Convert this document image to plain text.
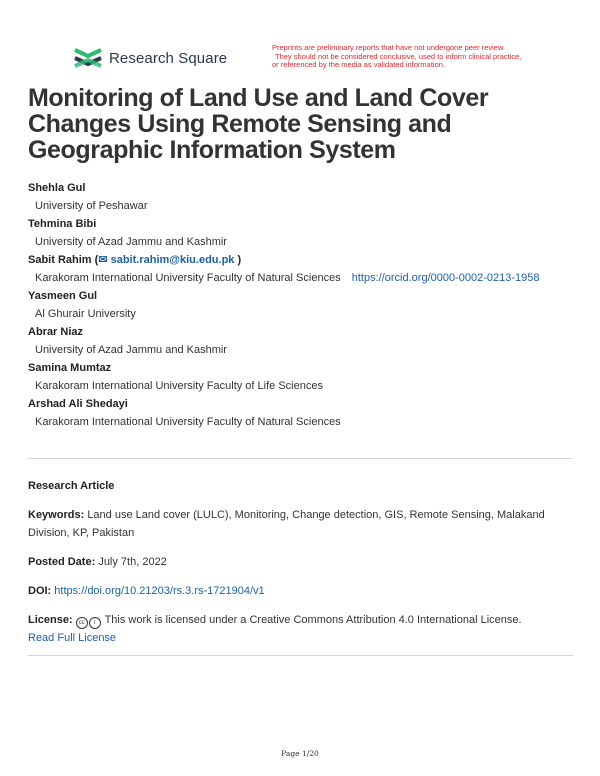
Research Square
Preprints are preliminary reports that have not undergone peer review.
They should not be considered conclusive, used to inform clinical practice,
or referenced by the media as validated information.
Monitoring of Land Use and Land Cover Changes Using Remote Sensing and Geographic Information System
Shehla Gul
University of Peshawar
Tehmina Bibi
University of Azad Jammu and Kashmir
Sabit Rahim (✉ sabit.rahim@kiu.edu.pk )
Karakoram International University Faculty of Natural Sciences https://orcid.org/0000-0002-0213-1958
Yasmeen Gul
Al Ghurair University
Abrar Niaz
University of Azad Jammu and Kashmir
Samina Mumtaz
Karakoram International University Faculty of Life Sciences
Arshad Ali Shedayi
Karakoram International University Faculty of Natural Sciences
Research Article
Keywords: Land use Land cover (LULC), Monitoring, Change detection, GIS, Remote Sensing, Malakand Division, KP, Pakistan
Posted Date: July 7th, 2022
DOI: https://doi.org/10.21203/rs.3.rs-1721904/v1
License: cc i This work is licensed under a Creative Commons Attribution 4.0 International License.
Read Full License
Page 1/20
